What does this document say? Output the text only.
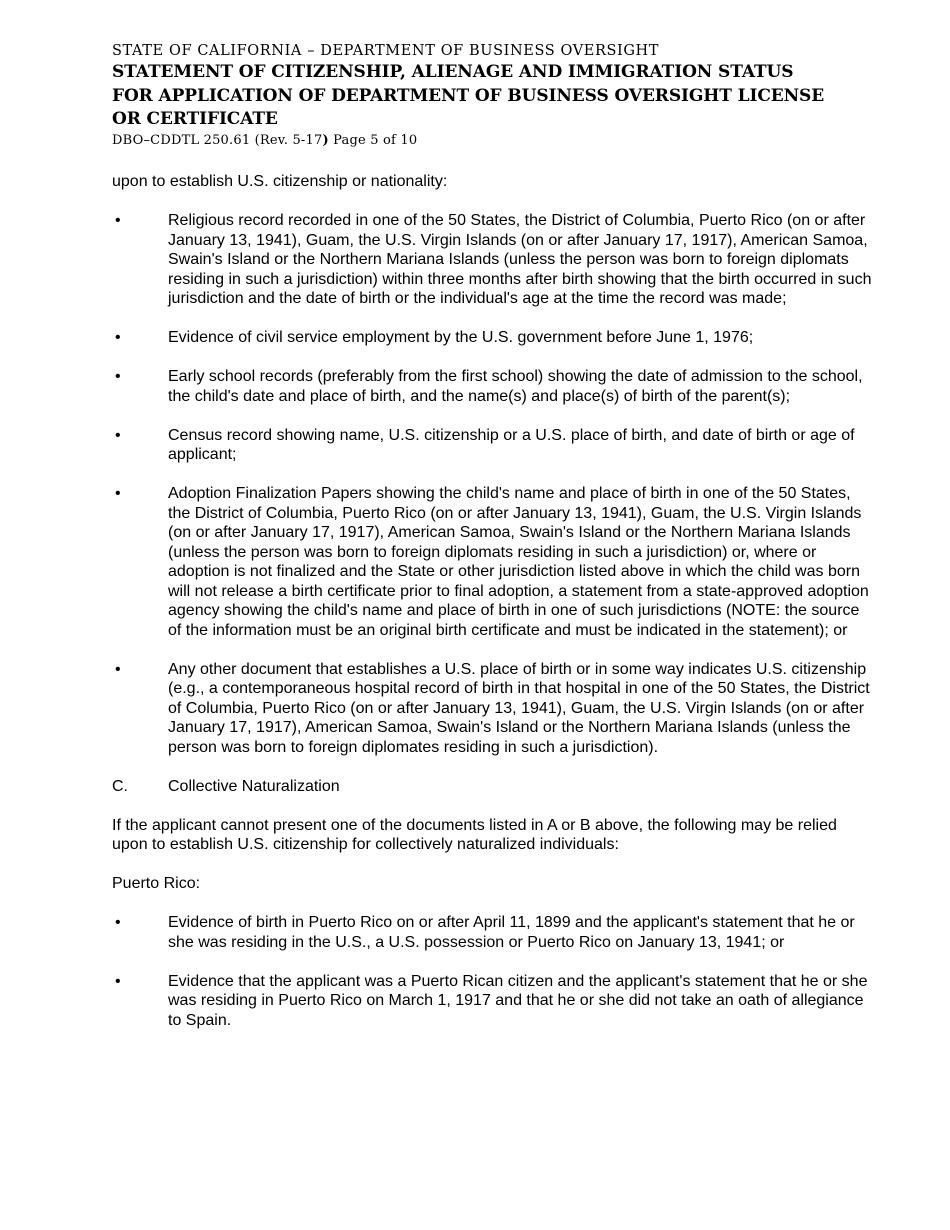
STATE OF CALIFORNIA – DEPARTMENT OF BUSINESS OVERSIGHT
STATEMENT OF CITIZENSHIP, ALIENAGE AND IMMIGRATION STATUS
FOR APPLICATION OF DEPARTMENT OF BUSINESS OVERSIGHT LICENSE
OR CERTIFICATE
DBO–CDDTL 250.61 (Rev. 5-17) Page 5 of 10

upon to establish U.S. citizenship or nationality:

•	Religious record recorded in one of the 50 States, the District of Columbia, Puerto Rico (on or after January 13, 1941), Guam, the U.S. Virgin Islands (on or after January 17, 1917), American Samoa, Swain's Island or the Northern Mariana Islands (unless the person was born to foreign diplomats residing in such a jurisdiction) within three months after birth showing that the birth occurred in such jurisdiction and the date of birth or the individual's age at the time the record was made;
•	Evidence of civil service employment by the U.S. government before June 1, 1976;
•	Early school records (preferably from the first school) showing the date of admission to the school, the child's date and place of birth, and the name(s) and place(s) of birth of the parent(s);
•	Census record showing name, U.S. citizenship or a U.S. place of birth, and date of birth or age of applicant;
•	Adoption Finalization Papers showing the child's name and place of birth in one of the 50 States, the District of Columbia, Puerto Rico (on or after January 13, 1941), Guam, the U.S. Virgin Islands (on or after January 17, 1917), American Samoa, Swain's Island or the Northern Mariana Islands (unless the person was born to foreign diplomats residing in such a jurisdiction) or, where or adoption is not finalized and the State or other jurisdiction listed above in which the child was born will not release a birth certificate prior to final adoption, a statement from a state-approved adoption agency showing the child's name and place of birth in one of such jurisdictions (NOTE: the source of the information must be an original birth certificate and must be indicated in the statement); or
•	Any other document that establishes a U.S. place of birth or in some way indicates U.S. citizenship (e.g., a contemporaneous hospital record of birth in that hospital in one of the 50 States, the District of Columbia, Puerto Rico (on or after January 13, 1941), Guam, the U.S. Virgin Islands (on or after January 17, 1917), American Samoa, Swain's Island or the Northern Mariana Islands (unless the person was born to foreign diplomates residing in such a jurisdiction).
C.	Collective Naturalization

If the applicant cannot present one of the documents listed in A or B above, the following may be relied upon to establish U.S. citizenship for collectively naturalized individuals:

Puerto Rico:

•	Evidence of birth in Puerto Rico on or after April 11, 1899 and the applicant's statement that he or she was residing in the U.S., a U.S. possession or Puerto Rico on January 13, 1941; or
•	Evidence that the applicant was a Puerto Rican citizen and the applicant's statement that he or she was residing in Puerto Rico on March 1, 1917 and that he or she did not take an oath of allegiance to Spain.
